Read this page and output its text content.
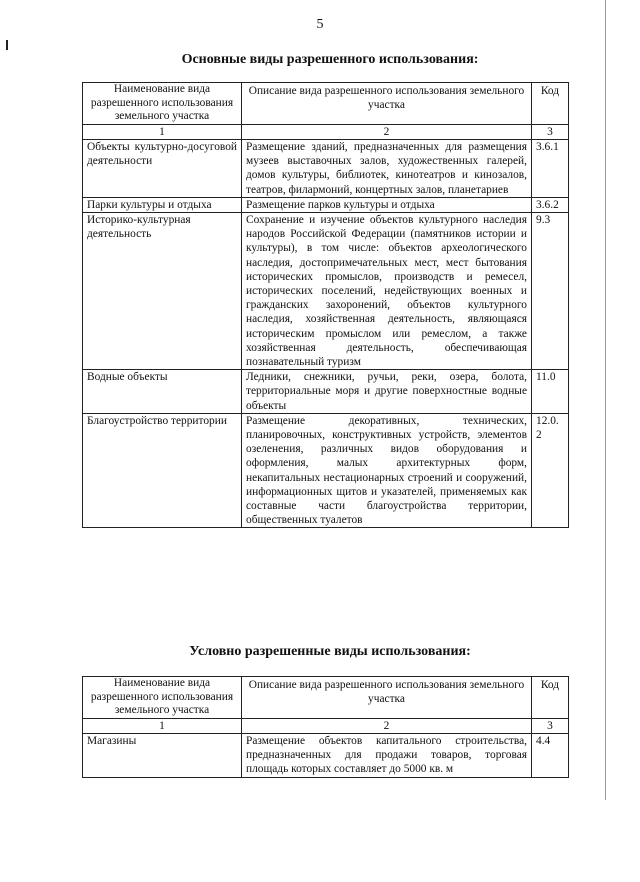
5
Основные виды разрешенного использования:
Наименование вида разрешенного использования земельного участка	Описание вида разрешенного использования земельного участка	Код
1	2	3
Объекты культурно-досуговой деятельности	Размещение зданий, предназначенных для размещения музеев выставочных залов, художественных галерей, домов культуры, библиотек, кинотеатров и кинозалов, театров, филармоний, концертных залов, планетариев	3.6.1
Парки культуры и отдыха	Размещение парков культуры и отдыха	3.6.2
Историко-культурная деятельность	Сохранение и изучение объектов культурного наследия народов Российской Федерации (памятников истории и культуры), в том числе: объектов археологического наследия, достопримечательных мест, мест бытования исторических промыслов, производств и ремесел, исторических поселений, недействующих военных и гражданских захоронений, объектов культурного наследия, хозяйственная деятельность, являющаяся историческим промыслом или ремеслом, а также хозяйственная деятельность, обеспечивающая познавательный туризм	9.3
Водные объекты	Ледники, снежники, ручьи, реки, озера, болота, территориальные моря и другие поверхностные водные объекты	11.0
Благоустройство территории	Размещение декоративных, технических, планировочных, конструктивных устройств, элементов озеленения, различных видов оборудования и оформления, малых архитектурных форм, некапитальных нестационарных строений и сооружений, информационных щитов и указателей, применяемых как составные части благоустройства территории, общественных туалетов	12.0.2
Условно разрешенные виды использования:
Наименование вида разрешенного использования земельного участка	Описание вида разрешенного использования земельного участка	Код
1	2	3
Магазины	Размещение объектов капитального строительства, предназначенных для продажи товаров, торговая площадь которых составляет до 5000 кв. м	4.4
